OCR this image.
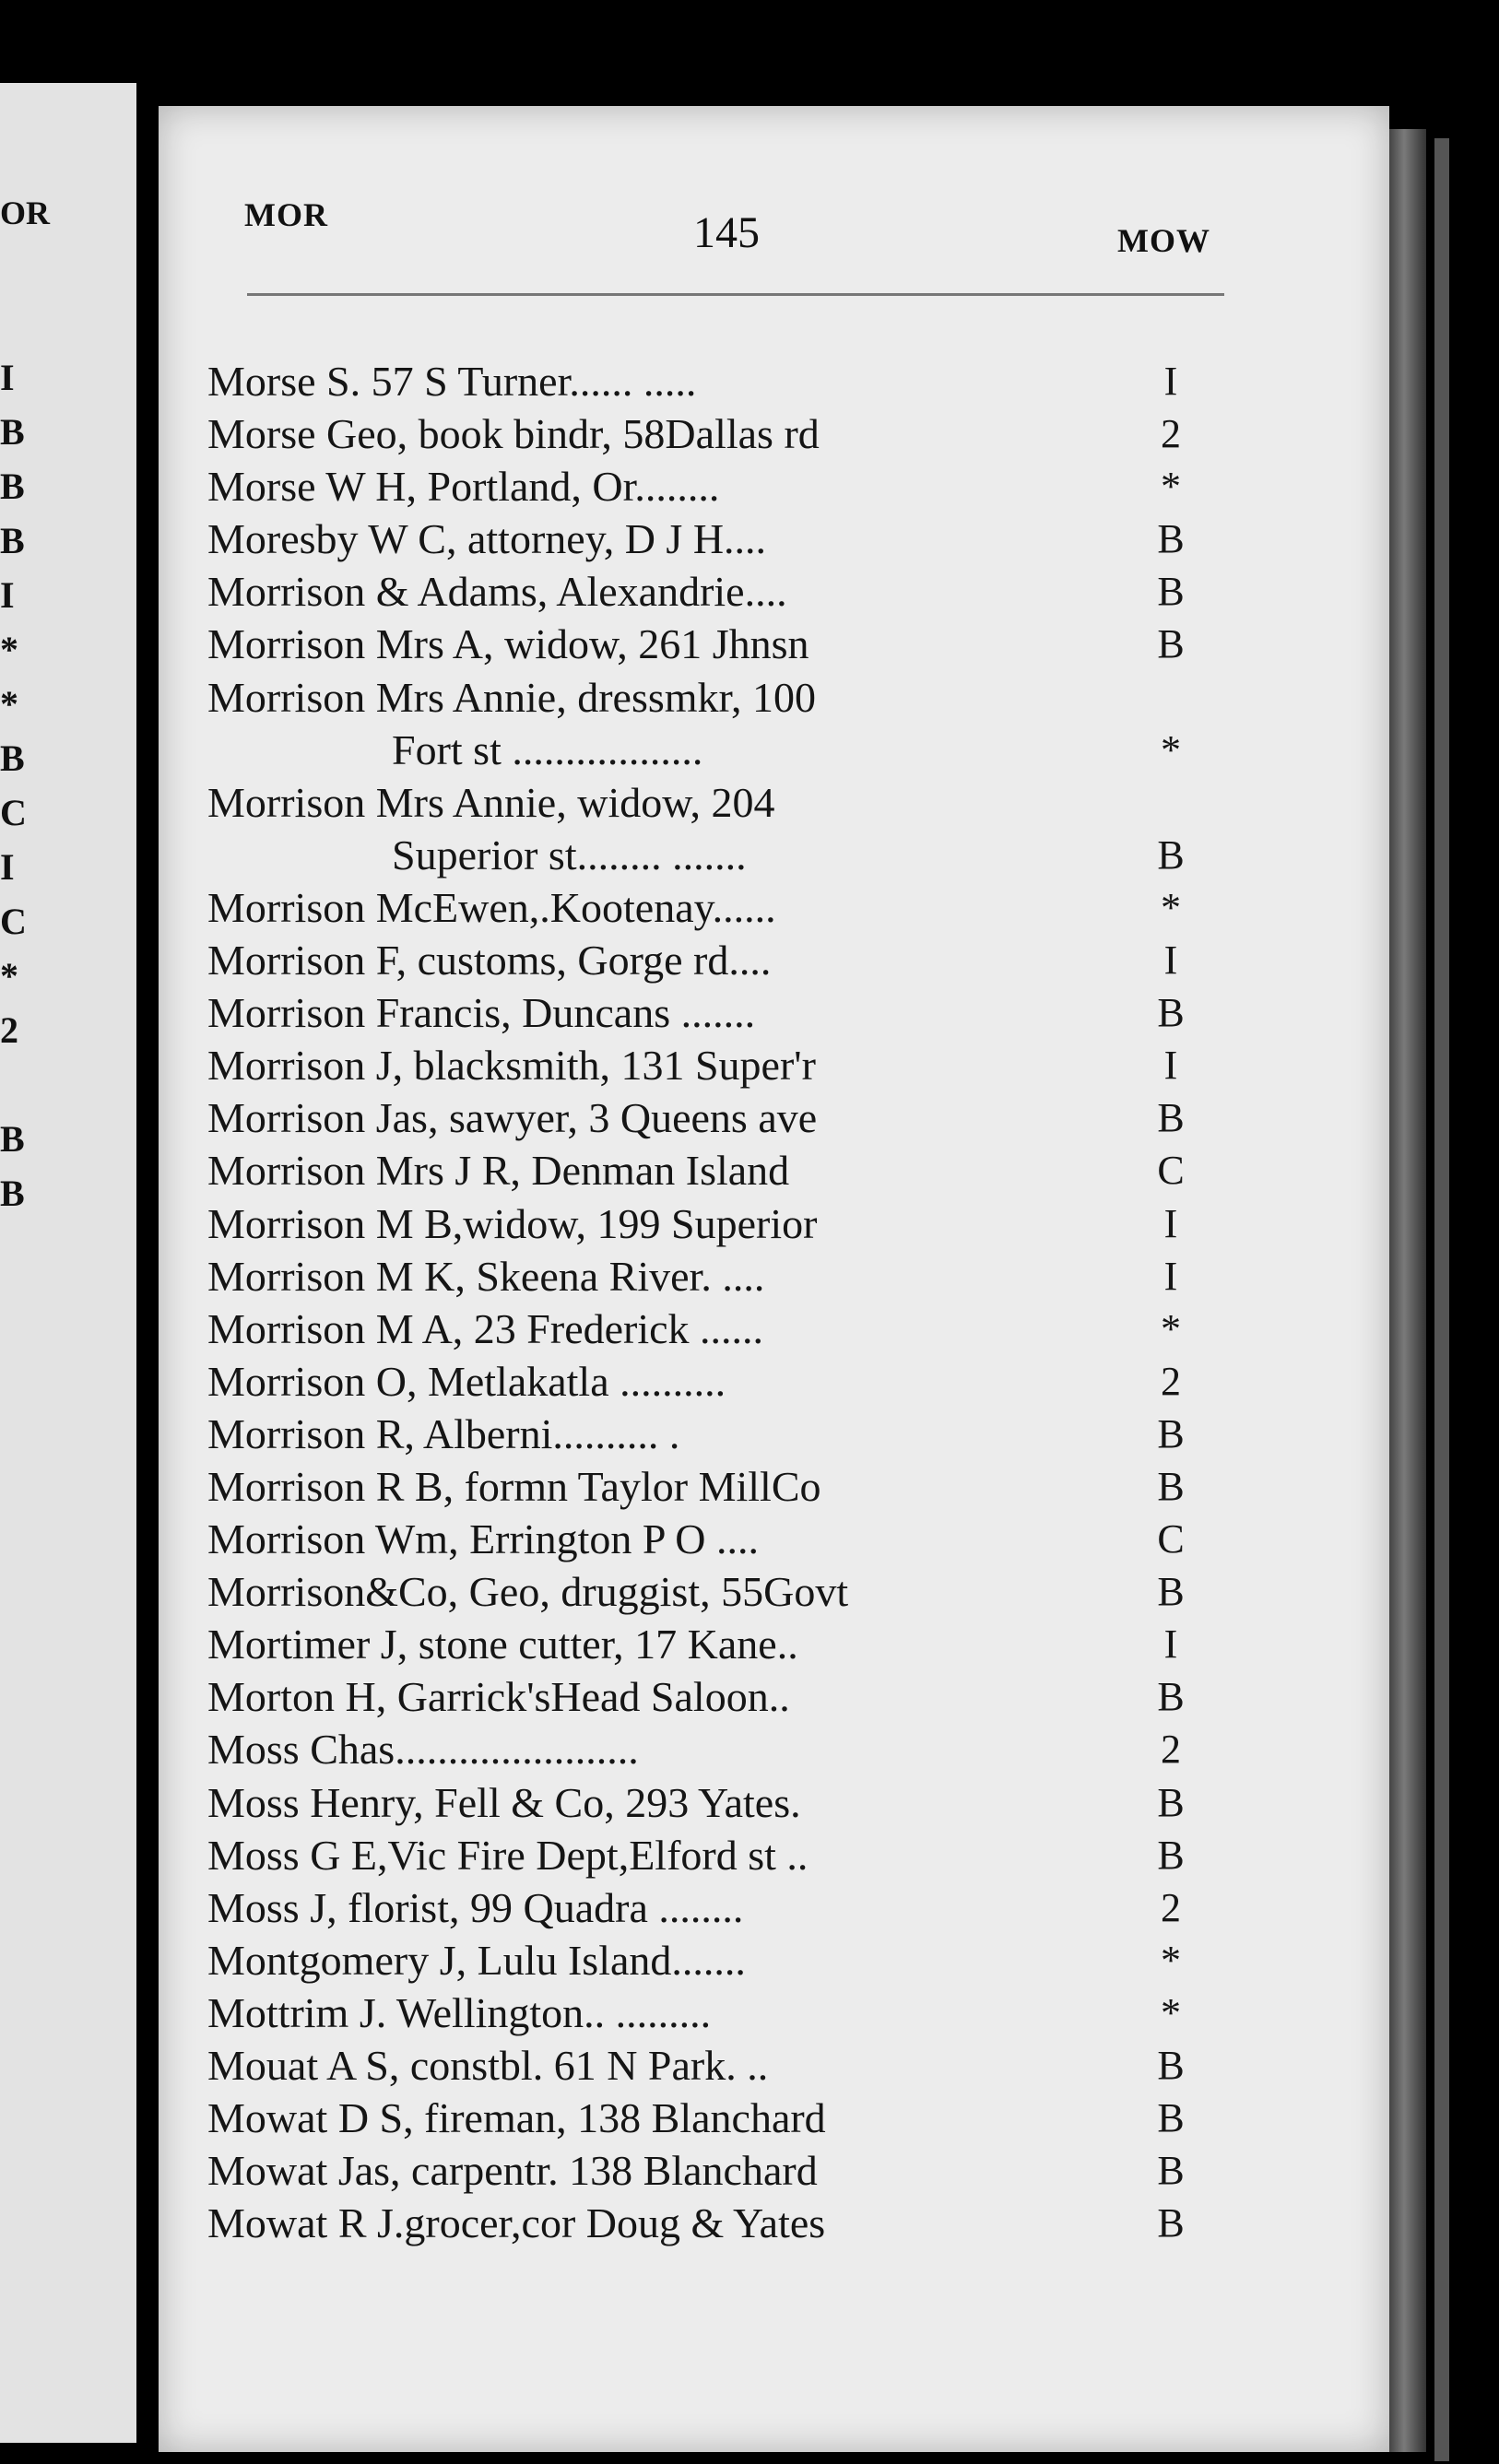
OR
I
B
B
B
I
*
*
B
C
I
C
*
2
B
B
MOR	145	MOW
Morse S. 57 S Turner...... .....	I
Morse Geo, book bindr, 58Dallas rd	2
Morse W H, Portland, Or........	*
Moresby W C, attorney, D J H....	B
Morrison & Adams, Alexandrie....	B
Morrison Mrs A, widow, 261 Jhnsn	B
Morrison Mrs Annie, dressmkr, 100
Fort st ..................	*
Morrison Mrs Annie, widow, 204
Superior st........ .......	B
Morrison McEwen,.Kootenay......	*
Morrison F, customs, Gorge rd....	I
Morrison Francis, Duncans .......	B
Morrison J, blacksmith, 131 Super'r	I
Morrison Jas, sawyer, 3 Queens ave	B
Morrison Mrs J R, Denman Island	C
Morrison M B,widow, 199 Superior	I
Morrison M K, Skeena River. ....	I
Morrison M A, 23 Frederick ......	*
Morrison O, Metlakatla ..........	2
Morrison R, Alberni.......... .	B
Morrison R B, formn Taylor MillCo	B
Morrison Wm, Errington P O ....	C
Morrison&Co, Geo, druggist, 55Govt	B
Mortimer J, stone cutter, 17 Kane..	I
Morton H, Garrick'sHead Saloon..	B
Moss Chas.......................	2
Moss Henry, Fell & Co, 293 Yates.	B
Moss G E,Vic Fire Dept,Elford st ..	B
Moss J, florist, 99 Quadra ........	2
Montgomery J, Lulu Island.......	*
Mottrim J. Wellington.. .........	*
Mouat A S, constbl. 61 N Park. ..	B
Mowat D S, fireman, 138 Blanchard	B
Mowat Jas, carpentr. 138 Blanchard	B
Mowat R J.grocer,cor Doug & Yates	B
